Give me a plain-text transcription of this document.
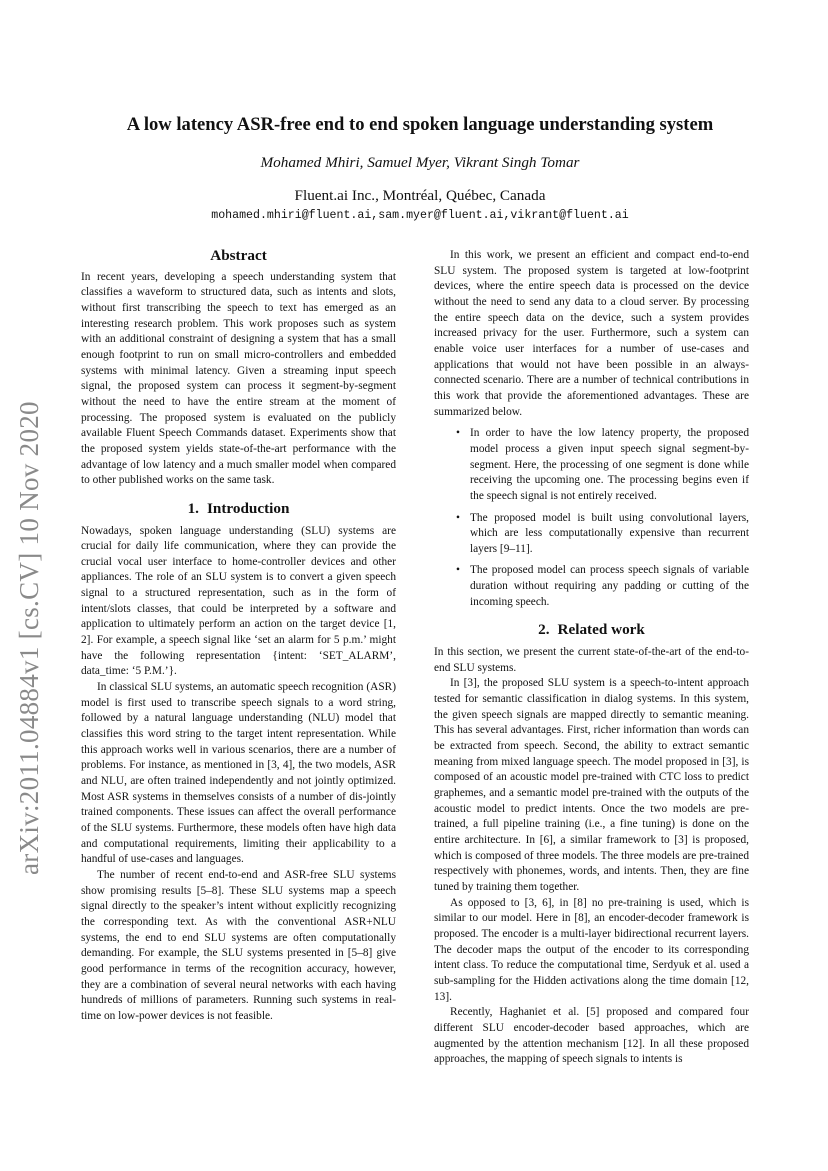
arXiv:2011.04884v1 [cs.CV] 10 Nov 2020
A low latency ASR-free end to end spoken language understanding system
Mohamed Mhiri, Samuel Myer, Vikrant Singh Tomar
Fluent.ai Inc., Montréal, Québec, Canada
mohamed.mhiri@fluent.ai,sam.myer@fluent.ai,vikrant@fluent.ai
Abstract

In recent years, developing a speech understanding system that classifies a waveform to structured data, such as intents and slots, without first transcribing the speech to text has emerged as an interesting research problem. This work proposes such as system with an additional constraint of designing a system that has a small enough footprint to run on small micro-controllers and embedded systems with minimal latency. Given a streaming input speech signal, the proposed system can process it segment-by-segment without the need to have the entire stream at the moment of processing. The proposed system is evaluated on the publicly available Fluent Speech Commands dataset. Experiments show that the proposed system yields state-of-the-art performance with the advantage of low latency and a much smaller model when compared to other published works on the same task.

1. Introduction

Nowadays, spoken language understanding (SLU) systems are crucial for daily life communication, where they can provide the crucial vocal user interface to home-controller devices and other appliances. The role of an SLU system is to convert a given speech signal to a structured representation, such as in the form of intent/slots classes, that could be interpreted by a software and application to ultimately perform an action on the target device [1, 2]. For example, a speech signal like ‘set an alarm for 5 p.m.’ might have the following representation {intent: ‘SET_ALARM’, data_time: ‘5 P.M.’}.

In classical SLU systems, an automatic speech recognition (ASR) model is first used to transcribe speech signals to a word string, followed by a natural language understanding (NLU) model that classifies this word string to the target intent representation. While this approach works well in various scenarios, there are a number of problems. For instance, as mentioned in [3, 4], the two models, ASR and NLU, are often trained independently and not jointly optimized. Most ASR systems in themselves consists of a number of dis-jointly trained components. These issues can affect the overall performance of the SLU systems. Furthermore, these models often have high data and computational requirements, limiting their applicability to a handful of use-cases and languages.

The number of recent end-to-end and ASR-free SLU systems show promising results [5–8]. These SLU systems map a speech signal directly to the speaker’s intent without explicitly recognizing the corresponding text. As with the conventional ASR+NLU systems, the end to end SLU systems are often computationally demanding. For example, the SLU systems presented in [5–8] give good performance in terms of the recognition accuracy, however, they are a combination of several neural networks with each having hundreds of millions of parameters. Running such systems in real-time on low-power devices is not feasible.

In this work, we present an efficient and compact end-to-end SLU system. The proposed system is targeted at low-footprint devices, where the entire speech data is processed on the device without the need to send any data to a cloud server. By processing the entire speech data on the device, such a system provides increased privacy for the user. Furthermore, such a system can enable voice user interfaces for a number of use-cases and applications that would not have been possible in an always-connected scenario. There are a number of technical contributions in this work that provide the aforementioned advantages. These are summarized below.

• In order to have the low latency property, the proposed model process a given input speech signal segment-by-segment. Here, the processing of one segment is done while receiving the upcoming one. The processing begins even if the speech signal is not entirely received.
• The proposed model is built using convolutional layers, which are less computationally expensive than recurrent layers [9–11].
• The proposed model can process speech signals of variable duration without requiring any padding or cutting of the incoming speech.
2. Related work

In this section, we present the current state-of-the-art of the end-to-end SLU systems.

In [3], the proposed SLU system is a speech-to-intent approach tested for semantic classification in dialog systems. In this system, the given speech signals are mapped directly to semantic meaning. This has several advantages. First, richer information than words can be extracted from speech. Second, the ability to extract semantic meaning from mixed language speech. The model proposed in [3], is composed of an acoustic model pre-trained with CTC loss to predict graphemes, and a semantic model pre-trained with the outputs of the acoustic model to predict intents. Once the two models are pre-trained, a full pipeline training (i.e., a fine tuning) is done on the entire architecture. In [6], a similar framework to [3] is proposed, which is composed of three models. The three models are pre-trained respectively with phonemes, words, and intents. Then, they are fine tuned by training them together.

As opposed to [3, 6], in [8] no pre-training is used, which is similar to our model. Here in [8], an encoder-decoder framework is proposed. The encoder is a multi-layer bidirectional recurrent layers. The decoder maps the output of the encoder to its corresponding intent class. To reduce the computational time, Serdyuk et al. used a sub-sampling for the Hidden activations along the time domain [12, 13].

Recently, Haghaniet et al. [5] proposed and compared four different SLU encoder-decoder based approaches, which are augmented by the attention mechanism [12]. In all these proposed approaches, the mapping of speech signals to intents is
